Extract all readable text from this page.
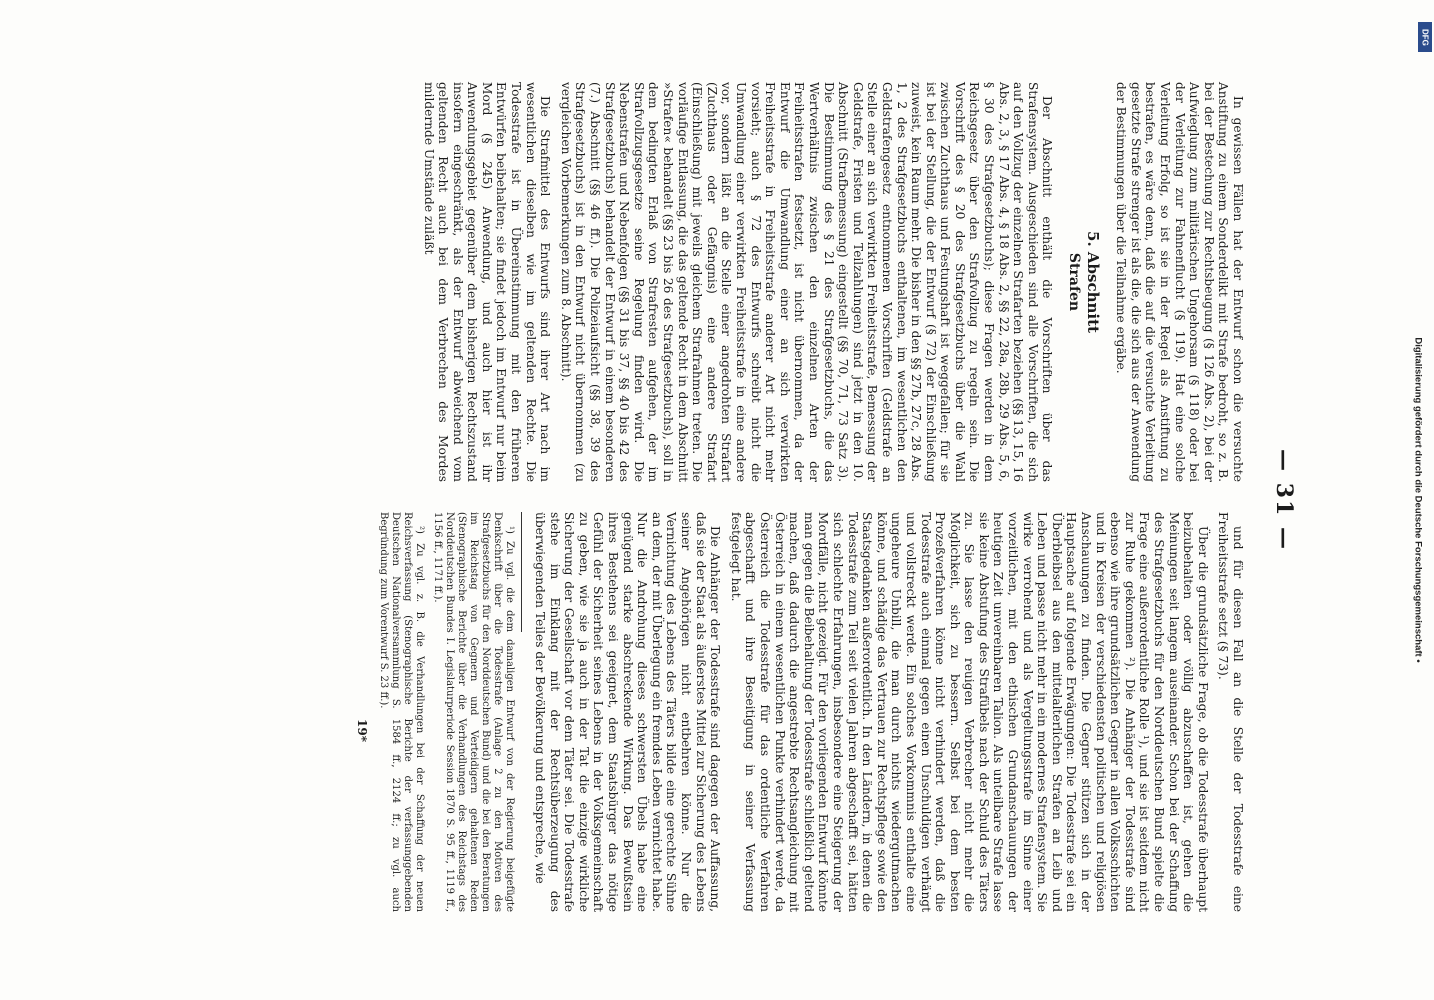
— 31 —

In gewissen Fällen hat der Entwurf schon die versuchte Anstiftung zu einem Sonderdelikt mit Strafe bedroht, so z. B. bei der Bestechung zur Rechtsbeugung (§ 126 Abs. 2), bei der Aufwieglung zum militärischen Ungehorsam (§ 118) oder bei der Verleitung zur Fahnenflucht (§ 119). Hat eine solche Verleitung Erfolg, so ist sie in der Regel als Anstiftung zu bestrafen, es wäre denn, daß die auf die versuchte Verleitung gesetzte Strafe strenger ist als die, die sich aus der Anwendung der Bestimmungen über die Teilnahme ergäbe.

5. Abschnitt
Strafen

Der Abschnitt enthält die Vorschriften über das Strafensystem. Ausgeschieden sind alle Vorschriften, die sich auf den Vollzug der einzelnen Strafarten beziehen (§§ 13, 15, 16 Abs. 2, 3, § 17 Abs. 4, § 18 Abs. 2, §§ 22, 28a, 28b, 29 Abs. 5, 6, § 30 des Strafgesetzbuchs); diese Fragen werden in dem Reichsgesetz über den Strafvollzug zu regeln sein. Die Vorschrift des § 20 des Strafgesetzbuchs über die Wahl zwischen Zuchthaus und Festungshaft ist weggefallen; für sie ist bei der Stellung, die der Entwurf (§ 72) der Einschließung zuweist, kein Raum mehr. Die bisher in den §§ 27b, 27c, 28 Abs. 1, 2 des Strafgesetzbuchs enthaltenen, im wesentlichen den Geldstrafengesetz entnommenen Vorschriften (Geldstrafe an Stelle einer an sich verwirkten Freiheitsstrafe, Bemessung der Geldstrafe, Fristen und Teilzahlungen) sind jetzt in den 10. Abschnitt (Strafbemessung) eingestellt (§§ 70, 71, 73 Satz 3). Die Bestimmung des § 21 des Strafgesetzbuchs, die das Wertverhältnis zwischen den einzelnen Arten der Freiheitsstrafen festsetzt, ist nicht übernommen, da der Entwurf die Umwandlung einer an sich verwirkten Freiheitsstrafe in Freiheitsstrafe anderer Art nicht mehr vorsieht; auch § 72 des Entwurfs schreibt nicht die Umwandlung einer verwirkten Freiheitsstrafe in eine andere vor, sondern läßt an die Stelle einer angedrohten Strafart (Zuchthaus oder Gefängnis) eine andere Strafart (Einschließung) mit jeweils gleichem Strafrahmen treten. Die vorläufige Entlassung, die das geltende Recht in dem Abschnitt »Strafen« behandelt (§§ 23 bis 26 des Strafgesetzbuchs), soll in dem bedingten Erlaß von Strafresten aufgehen, der im Strafvollzugsgesetze seine Regelung finden wird. Die Nebenstrafen und Nebenfolgen (§§ 31 bis 37, §§ 40 bis 42 des Strafgesetzbuchs) behandelt der Entwurf in einem besonderen (7.) Abschnitt (§§ 46 ff.). Die Polizeiaufsicht (§§ 38, 39 des Strafgesetzbuchs) ist in den Entwurf nicht übernommen (zu vergleichen Vorbemerkungen zum 8. Abschnitt).

Die Strafmittel des Entwurfs sind ihrer Art nach im wesentlichen dieselben wie im geltenden Rechte. Die Todesstrafe ist in Übereinstimmung mit den früheren Entwürfen beibehalten; sie findet jedoch im Entwurf nur beim Mord (§ 245) Anwendung, und auch hier ist ihr Anwendungsgebiet gegenüber dem bisherigen Rechtszustand insofern eingeschränkt, als der Entwurf abweichend vom geltenden Recht auch bei dem Verbrechen des Mordes mildernde Umstände zuläßt

und für diesen Fall an die Stelle der Todesstrafe eine Freiheitsstrafe setzt (§ 73).

Über die grundsätzliche Frage, ob die Todesstrafe überhaupt beizubehalten oder völlig abzuschaffen ist, gehen die Meinungen seit langem auseinander. Schon bei der Schaffung des Strafgesetzbuchs für den Norddeutschen Bund spielte die Frage eine außerordentliche Rolle ¹), und sie ist seitdem nicht zur Ruhe gekommen ²). Die Anhänger der Todesstrafe sind ebenso wie ihre grundsätzlichen Gegner in allen Volksschichten und in Kreisen der verschiedensten politischen und religiösen Anschauungen zu finden. Die Gegner stützen sich in der Hauptsache auf folgende Erwägungen: Die Todesstrafe sei ein Überbleibsel aus den mittelalterlichen Strafen an Leib und Leben und passe nicht mehr in ein modernes Strafensystem. Sie wirke verrohend und als Vergeltungsstrafe im Sinne einer vorzeitlichen, mit den ethischen Grundanschauungen der heutigen Zeit unvereinbaren Talion. Als unteilbare Strafe lasse sie keine Abstufung des Strafübels nach der Schuld des Täters zu. Sie lasse den reuigen Verbrecher nicht mehr die Möglichkeit, sich zu bessern. Selbst bei dem besten Prozeßverfahren könne nicht verhindert werden, daß die Todesstrafe auch einmal gegen einen Unschuldigen verhängt und vollstreckt werde. Ein solches Vorkommnis enthalte eine ungeheure Unbill, die man durch nichts wiedergutmachen könne, und schädige das Vertrauen zur Rechtspflege sowie den Staatsgedanken außerordentlich. In den Ländern, in denen die Todesstrafe zum Teil seit vielen Jahren abgeschafft sei, hätten sich schlechte Erfahrungen, insbesondere eine Steigerung der Mordfälle, nicht gezeigt. Für den vorliegenden Entwurf könnte man gegen die Beibehaltung der Todesstrafe schließlich geltend machen, daß dadurch die angestrebte Rechtsangleichung mit Österreich in einem wesentlichen Punkte verhindert werde, da Österreich die Todesstrafe für das ordentliche Verfahren abgeschafft und ihre Beseitigung in seiner Verfassung festgelegt hat.

Die Anhänger der Todesstrafe sind dagegen der Auffassung, daß sie der Staat als äußerstes Mittel zur Sicherung des Lebens seiner Angehörigen nicht entbehren könne. Nur die Vernichtung des Lebens des Täters bilde eine gerechte Sühne an dem, der mit Überlegung ein fremdes Leben vernichtet habe. Nur die Androhung dieses schwersten Übels habe eine genügend starke abschreckende Wirkung. Das Bewußtsein ihres Bestehens sei geeignet, dem Staatsbürger das nötige Gefühl der Sicherheit seines Lebens in der Volksgemeinschaft zu geben, wie sie ja auch in der Tat die einzige wirkliche Sicherung der Gesellschaft vor dem Täter sei. Die Todesstrafe stehe im Einklang mit der Rechtsüberzeugung des überwiegenden Teiles der Bevölkerung und entspreche, wie

¹) Zu vgl. die dem damaligen Entwurf von der Regierung beigefügte Denkschrift über die Todesstrafe (Anlage 2 zu den Motiven des Strafgesetzbuchs für den Norddeutschen Bund) und die bei den Beratungen im Reichstag von Gegnern und Verteidigern gehaltenen Reden (Stenographische Berichte über die Verhandlungen des Reichstags des Norddeutschen Bundes I. Legislaturperiode Session 1870 S. 95 ff., 1119 ff., 1156 ff., 1171 ff.).

²) Zu vgl. z. B. die Verhandlungen bei der Schaffung der neuen Reichsverfassung (Stenographische Berichte der verfassunggebenden Deutschen Nationalversammlung S. 1584 ff., 2124 ff.; zu vgl. auch Begründung zum Vorentwurf S. 23 ff.).

19*
DFG
Digitalisierung gefördert durch die Deutsche Forschungsgemeinschaft •
